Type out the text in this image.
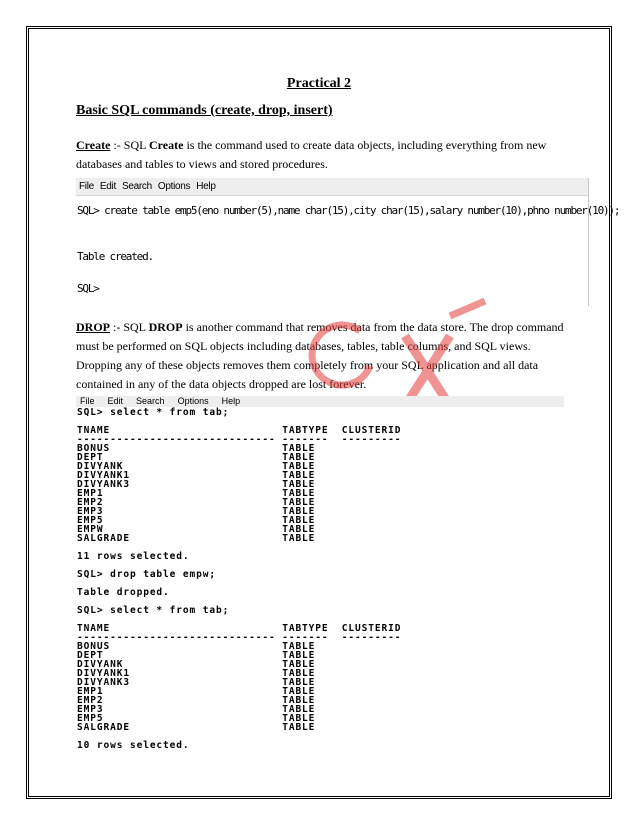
Practical 2
Basic SQL commands (create, drop, insert)
Create :- SQL Create is the command used to create data objects, including everything from new databases and tables to views and stored procedures.
File Edit Search Options Help
SQL> create table emp5(eno number(5),name char(15),city char(15),salary number(10),phno number(10));
Table created.
SQL>
DROP :- SQL DROP is another command that removes data from the data store. The drop command must be performed on SQL objects including databases, tables, table columns, and SQL views. Dropping any of these objects removes them completely from your SQL application and all data contained in any of the data objects dropped are lost forever.
File Edit Search Options Help
SQL> select * from tab;
TNAME                          TABTYPE  CLUSTERID
------------------------------ -------  ---------
BONUS                          TABLE
DEPT                           TABLE
DIVYANK                        TABLE
DIVYANK1                       TABLE
DIVYANK3                       TABLE
EMP1                           TABLE
EMP2                           TABLE
EMP3                           TABLE
EMP5                           TABLE
EMPW                           TABLE
SALGRADE                       TABLE
11 rows selected.
SQL> drop table empw;
Table dropped.
SQL> select * from tab;
TNAME                          TABTYPE  CLUSTERID
------------------------------ -------  ---------
BONUS                          TABLE
DEPT                           TABLE
DIVYANK                        TABLE
DIVYANK1                       TABLE
DIVYANK3                       TABLE
EMP1                           TABLE
EMP2                           TABLE
EMP3                           TABLE
EMP5                           TABLE
SALGRADE                       TABLE
10 rows selected.
